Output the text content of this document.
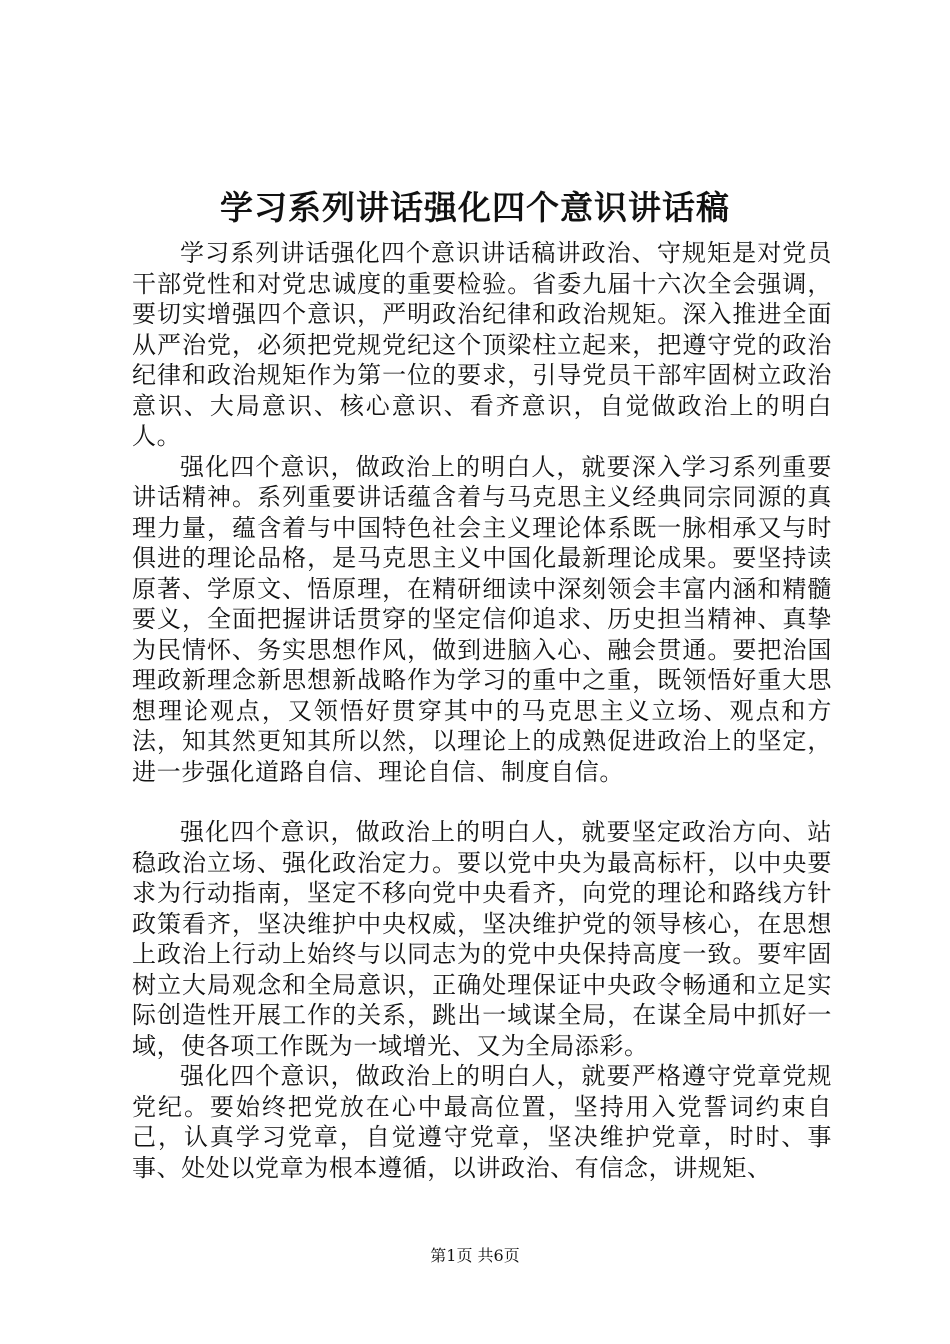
学习系列讲话强化四个意识讲话稿

学习系列讲话强化四个意识讲话稿讲政治、守规矩是对党员干部党性和对党忠诚度的重要检验。省委九届十六次全会强调，要切实增强四个意识，严明政治纪律和政治规矩。深入推进全面从严治党，必须把党规党纪这个顶梁柱立起来，把遵守党的政治纪律和政治规矩作为第一位的要求，引导党员干部牢固树立政治意识、大局意识、核心意识、看齐意识，自觉做政治上的明白人。

强化四个意识，做政治上的明白人，就要深入学习系列重要讲话精神。系列重要讲话蕴含着与马克思主义经典同宗同源的真理力量，蕴含着与中国特色社会主义理论体系既一脉相承又与时俱进的理论品格，是马克思主义中国化最新理论成果。要坚持读原著、学原文、悟原理，在精研细读中深刻领会丰富内涵和精髓要义，全面把握讲话贯穿的坚定信仰追求、历史担当精神、真挚为民情怀、务实思想作风，做到进脑入心、融会贯通。要把治国理政新理念新思想新战略作为学习的重中之重，既领悟好重大思想理论观点，又领悟好贯穿其中的马克思主义立场、观点和方法，知其然更知其所以然，以理论上的成熟促进政治上的坚定，进一步强化道路自信、理论自信、制度自信。

强化四个意识，做政治上的明白人，就要坚定政治方向、站稳政治立场、强化政治定力。要以党中央为最高标杆，以中央要求为行动指南，坚定不移向党中央看齐，向党的理论和路线方针政策看齐，坚决维护中央权威，坚决维护党的领导核心，在思想上政治上行动上始终与以同志为的党中央保持高度一致。要牢固树立大局观念和全局意识，正确处理保证中央政令畅通和立足实际创造性开展工作的关系，跳出一域谋全局，在谋全局中抓好一域，使各项工作既为一域增光、又为全局添彩。

强化四个意识，做政治上的明白人，就要严格遵守党章党规党纪。要始终把党放在心中最高位置，坚持用入党誓词约束自己，认真学习党章，自觉遵守党章，坚决维护党章，时时、事事、处处以党章为根本遵循，以讲政治、有信念，讲规矩、

第1页 共6页
